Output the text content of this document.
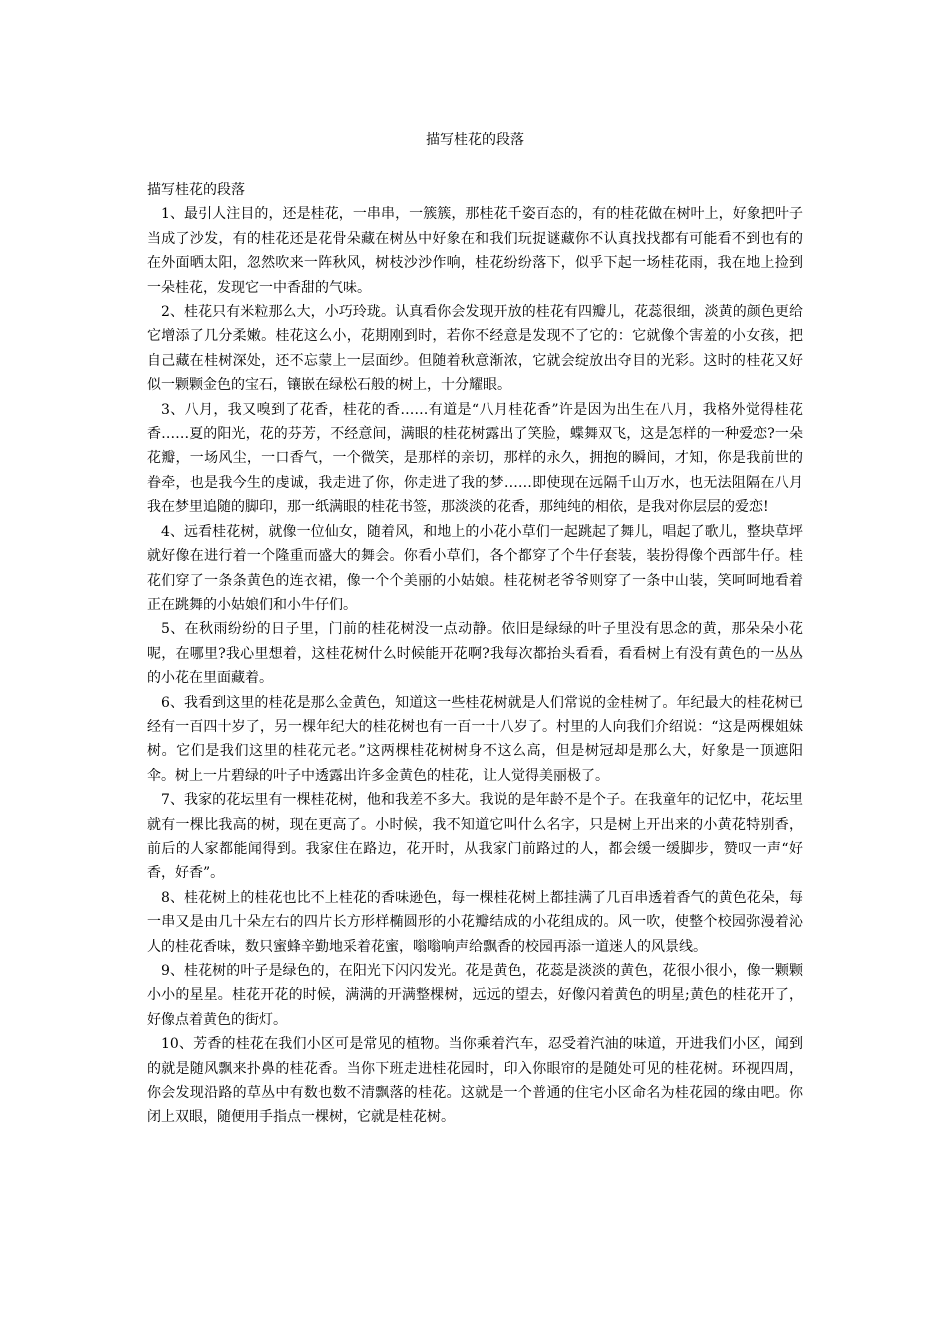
描写桂花的段落

描写桂花的段落

1、最引人注目的，还是桂花，一串串，一簇簇，那桂花千姿百态的，有的桂花做在树叶上，好象把叶子当成了沙发，有的桂花还是花骨朵藏在树丛中好象在和我们玩捉谜藏你不认真找找都有可能看不到也有的在外面晒太阳，忽然吹来一阵秋风，树枝沙沙作响，桂花纷纷落下，似乎下起一场桂花雨，我在地上捡到一朵桂花，发现它一中香甜的气味。

2、桂花只有米粒那么大，小巧玲珑。认真看你会发现开放的桂花有四瓣儿，花蕊很细，淡黄的颜色更给它增添了几分柔嫩。桂花这么小，花期刚到时，若你不经意是发现不了它的：它就像个害羞的小女孩，把自己藏在桂树深处，还不忘蒙上一层面纱。但随着秋意渐浓，它就会绽放出夺目的光彩。这时的桂花又好似一颗颗金色的宝石，镶嵌在绿松石般的树上，十分耀眼。

3、八月，我又嗅到了花香，桂花的香……有道是“八月桂花香”许是因为出生在八月，我格外觉得桂花香……夏的阳光，花的芬芳，不经意间，满眼的桂花树露出了笑脸，蝶舞双飞，这是怎样的一种爱恋?一朵花瓣，一场风尘，一口香气，一个微笑，是那样的亲切，那样的永久，拥抱的瞬间，才知，你是我前世的眷牵，也是我今生的虔诚，我走进了你，你走进了我的梦……即使现在远隔千山万水，也无法阻隔在八月我在梦里追随的脚印，那一纸满眼的桂花书签，那淡淡的花香，那纯纯的相依，是我对你层层的爱恋!

4、远看桂花树，就像一位仙女，随着风，和地上的小花小草们一起跳起了舞儿，唱起了歌儿，整块草坪就好像在进行着一个隆重而盛大的舞会。你看小草们，各个都穿了个牛仔套装，装扮得像个西部牛仔。桂花们穿了一条条黄色的连衣裙，像一个个美丽的小姑娘。桂花树老爷爷则穿了一条中山装，笑呵呵地看着正在跳舞的小姑娘们和小牛仔们。

5、在秋雨纷纷的日子里，门前的桂花树没一点动静。依旧是绿绿的叶子里没有思念的黄，那朵朵小花呢，在哪里?我心里想着，这桂花树什么时候能开花啊?我每次都抬头看看，看看树上有没有黄色的一丛丛的小花在里面藏着。

6、我看到这里的桂花是那么金黄色，知道这一些桂花树就是人们常说的金桂树了。年纪最大的桂花树已经有一百四十岁了，另一棵年纪大的桂花树也有一百一十八岁了。村里的人向我们介绍说：“这是两棵姐妹树。它们是我们这里的桂花元老。”这两棵桂花树树身不这么高，但是树冠却是那么大，好象是一顶遮阳伞。树上一片碧绿的叶子中透露出许多金黄色的桂花，让人觉得美丽极了。

7、我家的花坛里有一棵桂花树，他和我差不多大。我说的是年龄不是个子。在我童年的记忆中，花坛里就有一棵比我高的树，现在更高了。小时候，我不知道它叫什么名字，只是树上开出来的小黄花特别香，前后的人家都能闻得到。我家住在路边，花开时，从我家门前路过的人，都会缓一缓脚步，赞叹一声“好香，好香”。

8、桂花树上的桂花也比不上桂花的香味逊色，每一棵桂花树上都挂满了几百串透着香气的黄色花朵，每一串又是由几十朵左右的四片长方形样椭圆形的小花瓣结成的小花组成的。风一吹，使整个校园弥漫着沁人的桂花香味，数只蜜蜂辛勤地采着花蜜，嗡嗡响声给飘香的校园再添一道迷人的风景线。

9、桂花树的叶子是绿色的，在阳光下闪闪发光。花是黄色，花蕊是淡淡的黄色，花很小很小，像一颗颗小小的星星。桂花开花的时候，满满的开满整棵树，远远的望去，好像闪着黄色的明星;黄色的桂花开了，好像点着黄色的街灯。

10、芳香的桂花在我们小区可是常见的植物。当你乘着汽车，忍受着汽油的味道，开进我们小区，闻到的就是随风飘来扑鼻的桂花香。当你下班走进桂花园时，印入你眼帘的是随处可见的桂花树。环视四周，你会发现沿路的草丛中有数也数不清飘落的桂花。这就是一个普通的住宅小区命名为桂花园的缘由吧。你闭上双眼，随便用手指点一棵树，它就是桂花树。
